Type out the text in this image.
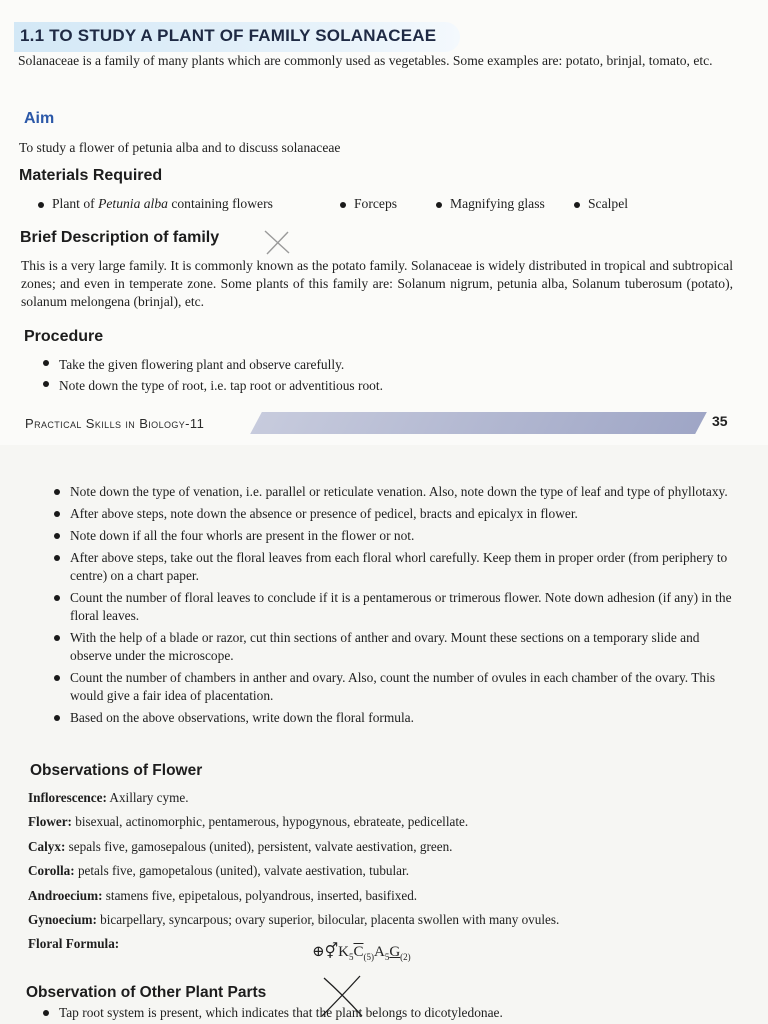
1.1 TO STUDY A PLANT OF FAMILY SOLANACEAE

Solanaceae is a family of many plants which are commonly used as vegetables. Some examples are: potato, brinjal, tomato, etc.

Aim

To study a flower of petunia alba and to discuss solanaceae

Materials Required
Plant of Petunia alba containing flowers	Forceps	Magnifying glass	Scalpel
Brief Description of family

This is a very large family. It is commonly known as the potato family. Solanaceae is widely distributed in tropical and subtropical zones; and even in temperate zone. Some plants of this family are: Solanum nigrum, petunia alba, Solanum tuberosum (potato), solanum melongena (brinjal), etc.

Procedure
Take the given flowering plant and observe carefully.
Note down the type of root, i.e. tap root or adventitious root.
Practical Skills in Biology-11	35
Note down the type of venation, i.e. parallel or reticulate venation. Also, note down the type of leaf and type of phyllotaxy.
After above steps, note down the absence or presence of pedicel, bracts and epicalyx in flower.
Note down if all the four whorls are present in the flower or not.
After above steps, take out the floral leaves from each floral whorl carefully. Keep them in proper order (from periphery to centre) on a chart paper.
Count the number of floral leaves to conclude if it is a pentamerous or trimerous flower. Note down adhesion (if any) in the floral leaves.
With the help of a blade or razor, cut thin sections of anther and ovary. Mount these sections on a temporary slide and observe under the microscope.
Count the number of chambers in anther and ovary. Also, count the number of ovules in each chamber of the ovary. This would give a fair idea of placentation.
Based on the above observations, write down the floral formula.
Observations of Flower
Inflorescence: Axillary cyme.
Flower: bisexual, actinomorphic, pentamerous, hypogynous, ebrateate, pedicellate.
Calyx: sepals five, gamosepalous (united), persistent, valvate aestivation, green.
Corolla: petals five, gamopetalous (united), valvate aestivation, tubular.
Androecium: stamens five, epipetalous, polyandrous, inserted, basifixed.
Gynoecium: bicarpellary, syncarpous; ovary superior, bilocular, placenta swollen with many ovules.
Floral Formula:
$\oplus⚥K_5\overline{C}_{(5)}A_5G_{(2)}$
Observation of Other Plant Parts
Tap root system is present, which indicates that the plant belongs to dicotyledonae.
